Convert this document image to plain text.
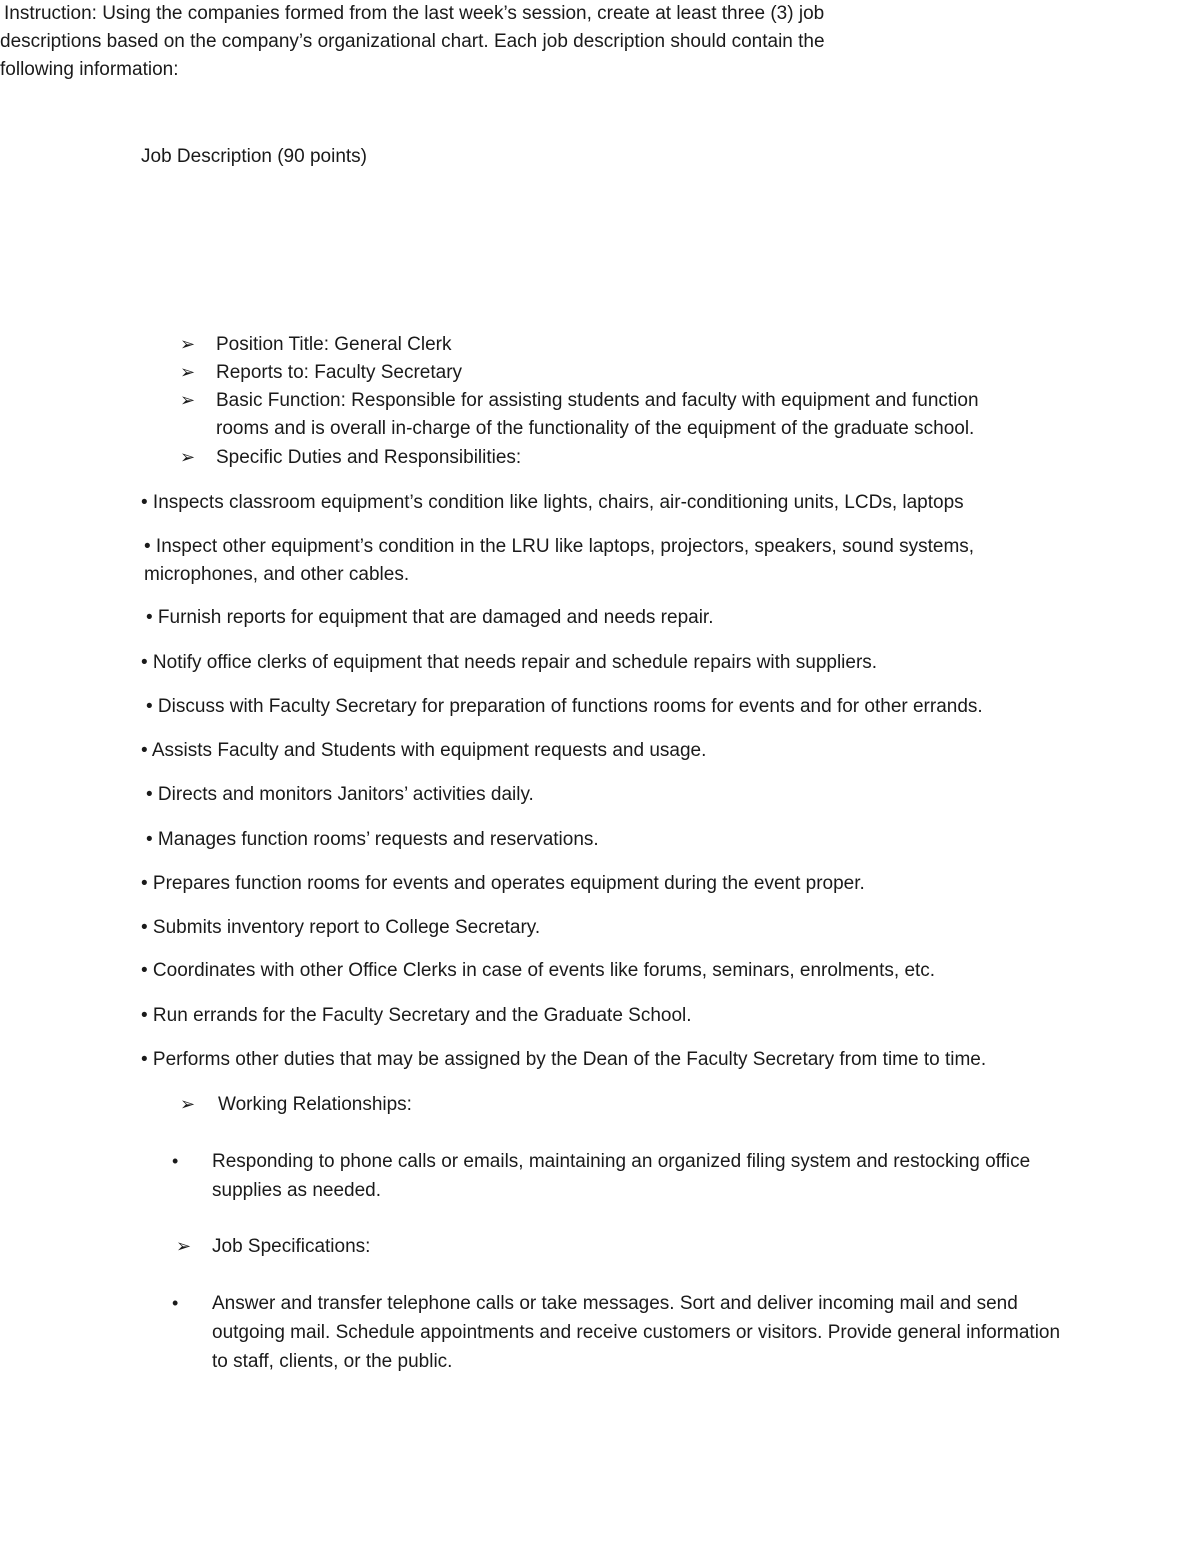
Job Description (90 points)
Instruction: Using the companies formed from the last week’s session, create at least three (3) job descriptions based on the company’s organizational chart. Each job description should contain the following information:
➢	Position Title: General Clerk
➢	Reports to: Faculty Secretary
➢	Basic Function: Responsible for assisting students and faculty with equipment and function rooms and is overall in-charge of the functionality of the equipment of the graduate school.
➢	Specific Duties and Responsibilities:
• Inspects classroom equipment’s condition like lights, chairs, air-conditioning units, LCDs, laptops
• Inspect other equipment’s condition in the LRU like laptops, projectors, speakers, sound systems, microphones, and other cables.
• Furnish reports for equipment that are damaged and needs repair.
• Notify office clerks of equipment that needs repair and schedule repairs with suppliers.
• Discuss with Faculty Secretary for preparation of functions rooms for events and for other errands.
• Assists Faculty and Students with equipment requests and usage.
• Directs and monitors Janitors’ activities daily.
• Manages function rooms’ requests and reservations.
• Prepares function rooms for events and operates equipment during the event proper.
• Submits inventory report to College Secretary.
• Coordinates with other Office Clerks in case of events like forums, seminars, enrolments, etc.
• Run errands for the Faculty Secretary and the Graduate School.
• Performs other duties that may be assigned by the Dean of the Faculty Secretary from time to time.
➢	Working Relationships:
• Responding to phone calls or emails, maintaining an organized filing system and restocking office supplies as needed.
➢	Job Specifications:
• Answer and transfer telephone calls or take messages. Sort and deliver incoming mail and send outgoing mail. Schedule appointments and receive customers or visitors. Provide general information to staff, clients, or the public.
